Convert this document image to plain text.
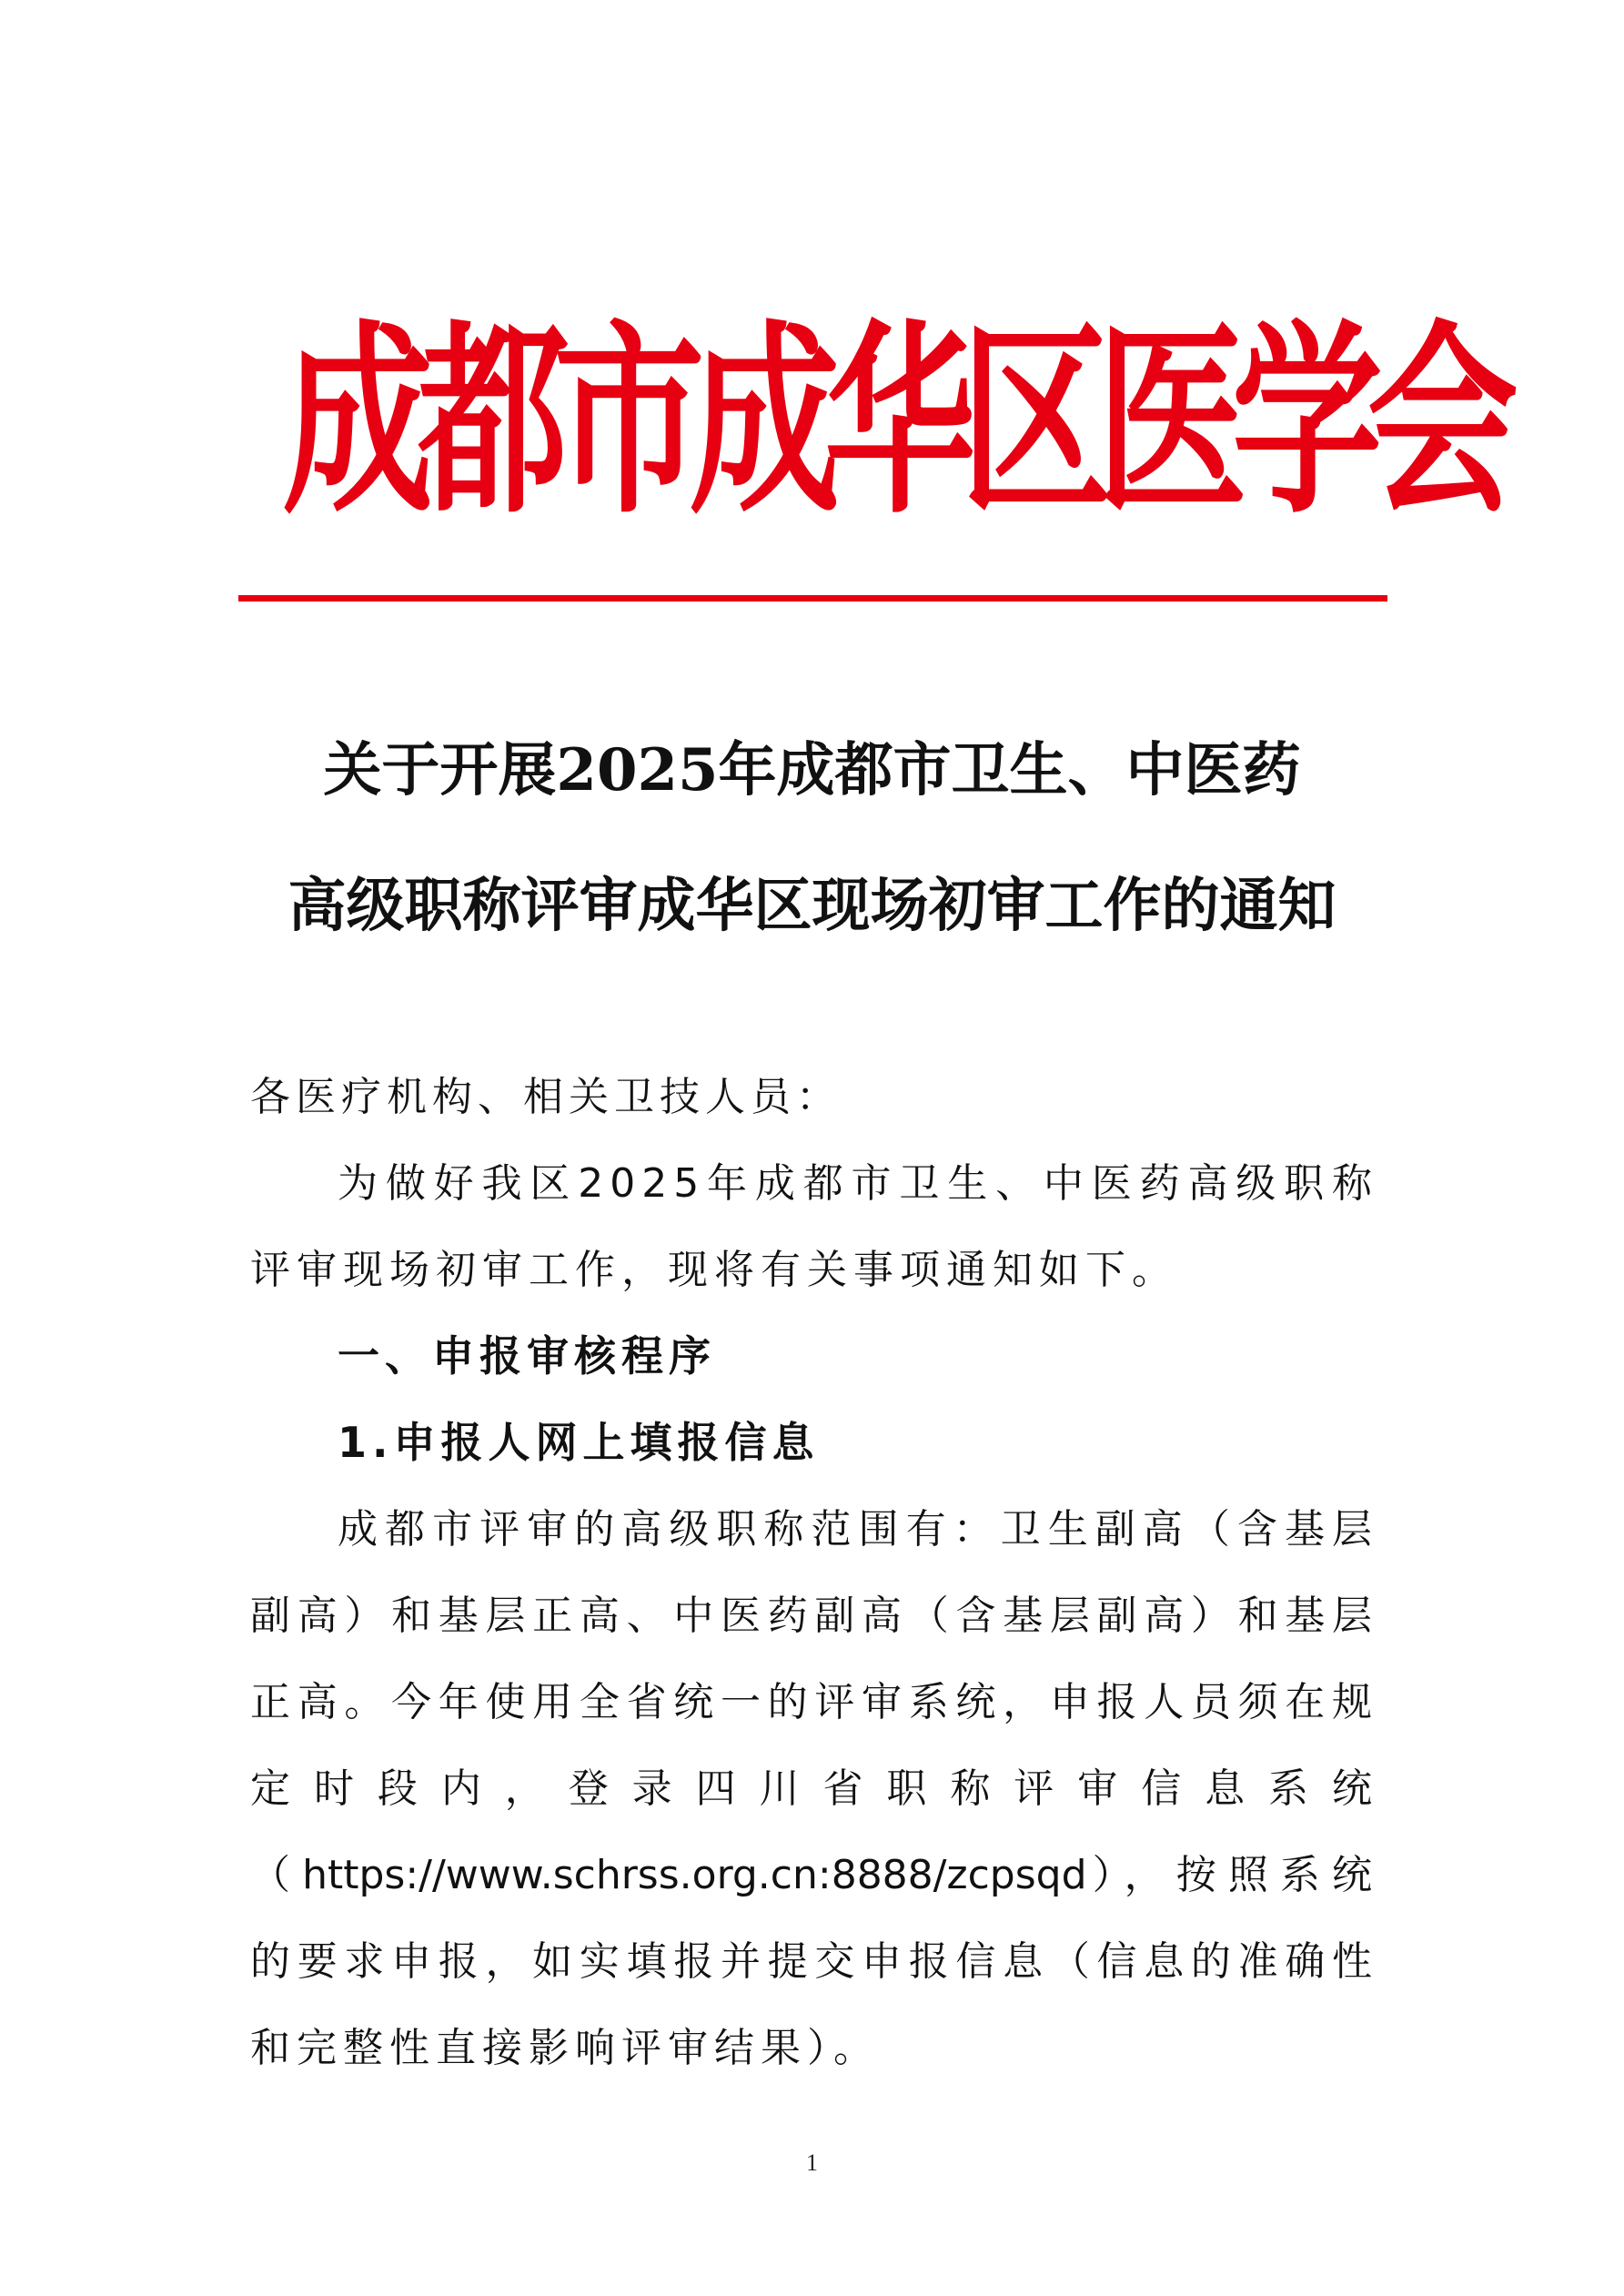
成都市成华区医学会
关于开展2025年成都市卫生、中医药
高级职称评审成华区现场初审工作的通知

各医疗机构、相关卫技人员：

为做好我区2025年成都市卫生、中医药高级职称评审现场初审工作，现将有关事项通知如下。

一、申报审核程序

1.申报人网上填报信息

成都市评审的高级职称范围有：卫生副高（含基层副高）和基层正高、中医药副高（含基层副高）和基层正高。今年使用全省统一的评审系统，申报人员须在规定时段内，登录四川省职称评审信息系统（https://www.schrss.org.cn:8888/zcpsqd），按照系统的要求申报，如实填报并提交申报信息（信息的准确性和完整性直接影响评审结果）。

1
